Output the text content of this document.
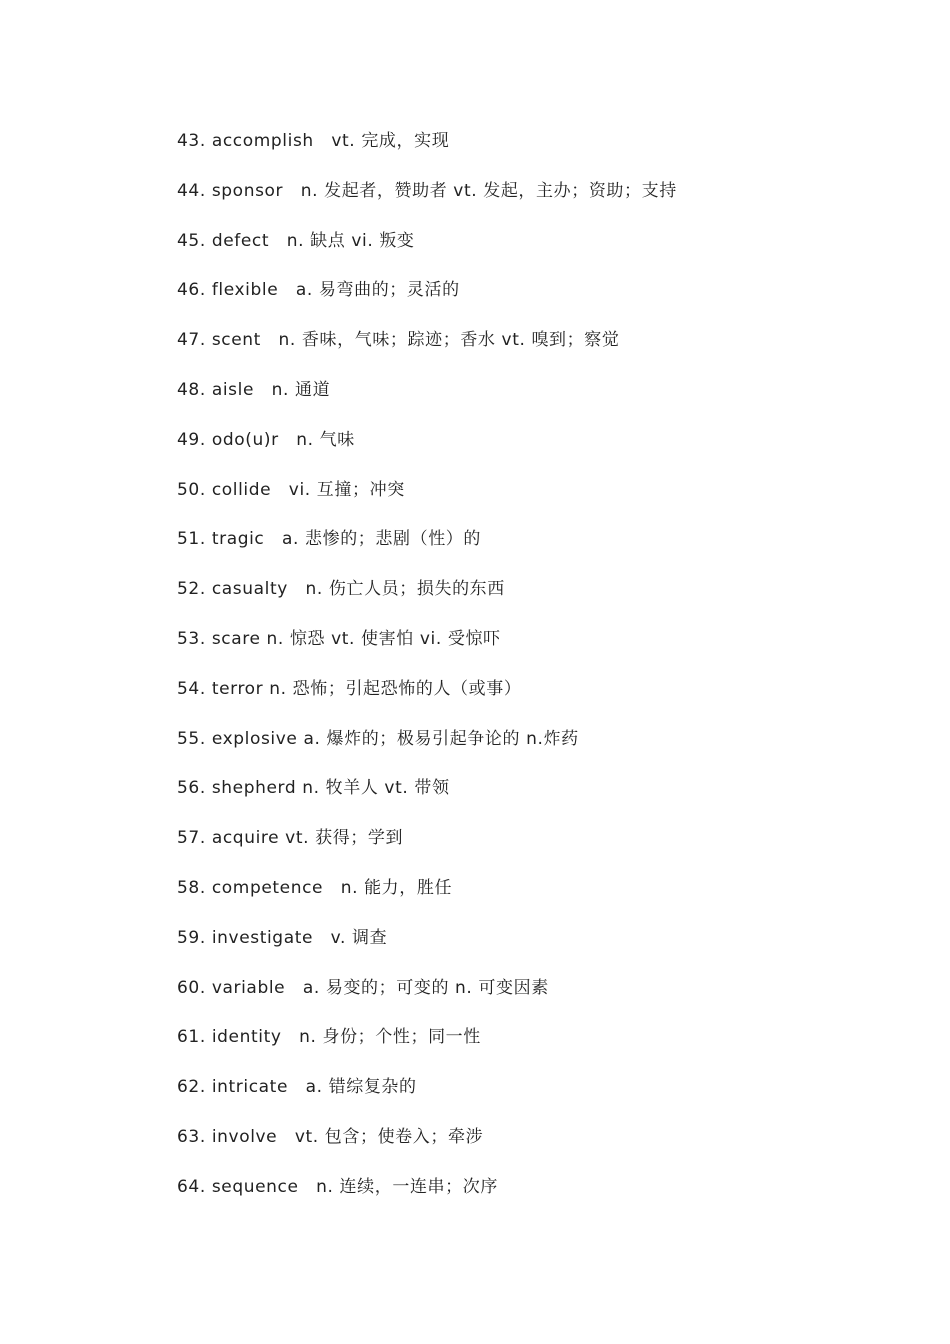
43. accomplish　vt. 完成，实现
44. sponsor　n. 发起者，赞助者 vt. 发起，主办；资助；支持
45. defect　n. 缺点 vi. 叛变
46. flexible　a. 易弯曲的；灵活的
47. scent　n. 香味，气味；踪迹；香水 vt. 嗅到；察觉
48. aisle　n. 通道
49. odo(u)r　n. 气味
50. collide　vi. 互撞；冲突
51. tragic　a. 悲惨的；悲剧（性）的
52. casualty　n. 伤亡人员；损失的东西
53. scare n. 惊恐 vt. 使害怕 vi. 受惊吓
54. terror n. 恐怖；引起恐怖的人（或事）
55. explosive a. 爆炸的；极易引起争论的 n.炸药
56. shepherd n. 牧羊人 vt. 带领
57. acquire vt. 获得；学到
58. competence　n. 能力，胜任
59. investigate　v. 调查
60. variable　a. 易变的；可变的 n. 可变因素
61. identity　n. 身份；个性；同一性
62. intricate　a. 错综复杂的
63. involve　vt. 包含；使卷入；牵涉
64. sequence　n. 连续，一连串；次序
